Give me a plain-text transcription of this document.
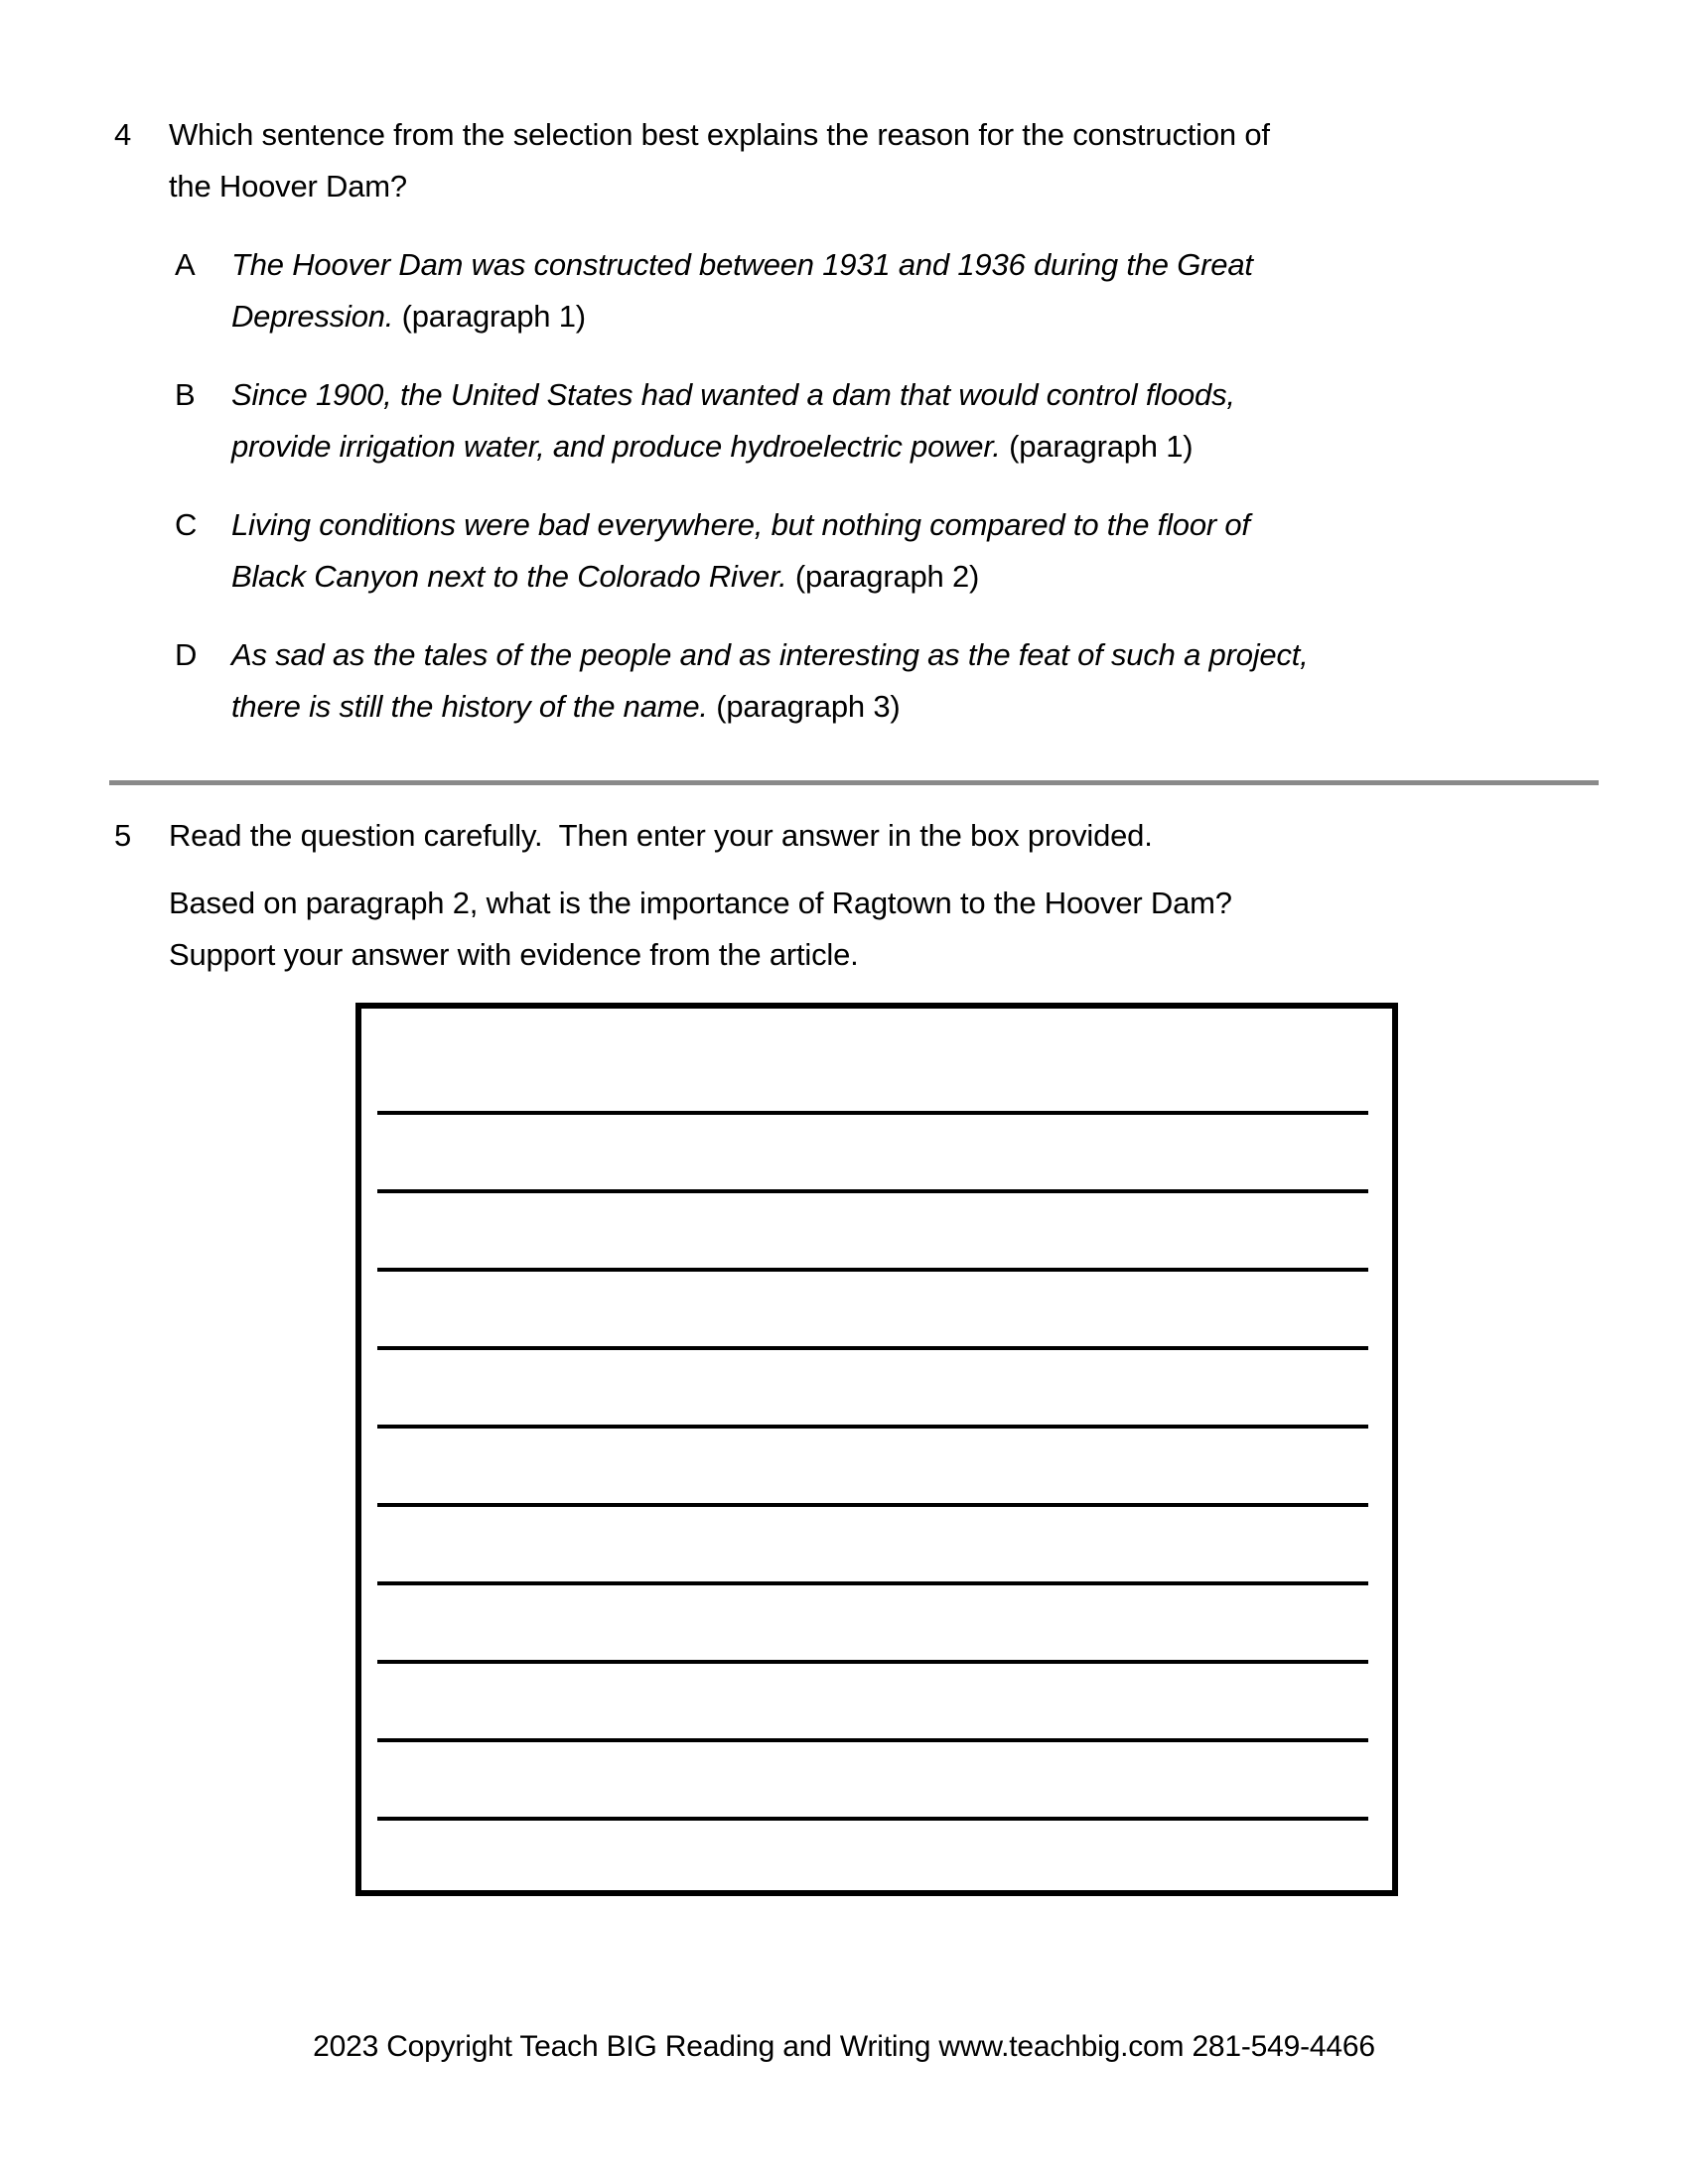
4	Which sentence from the selection best explains the reason for the construction of
the Hoover Dam?
A	The Hoover Dam was constructed between 1931 and 1936 during the Great
Depression. (paragraph 1)
B	Since 1900, the United States had wanted a dam that would control floods,
provide irrigation water, and produce hydroelectric power. (paragraph 1)
C	Living conditions were bad everywhere, but nothing compared to the floor of
Black Canyon next to the Colorado River. (paragraph 2)
D	As sad as the tales of the people and as interesting as the feat of such a project,
there is still the history of the name. (paragraph 3)
5	Read the question carefully.  Then enter your answer in the box provided.
Based on paragraph 2, what is the importance of Ragtown to the Hoover Dam?
Support your answer with evidence from the article.
2023 Copyright Teach BIG Reading and Writing www.teachbig.com 281-549-4466
